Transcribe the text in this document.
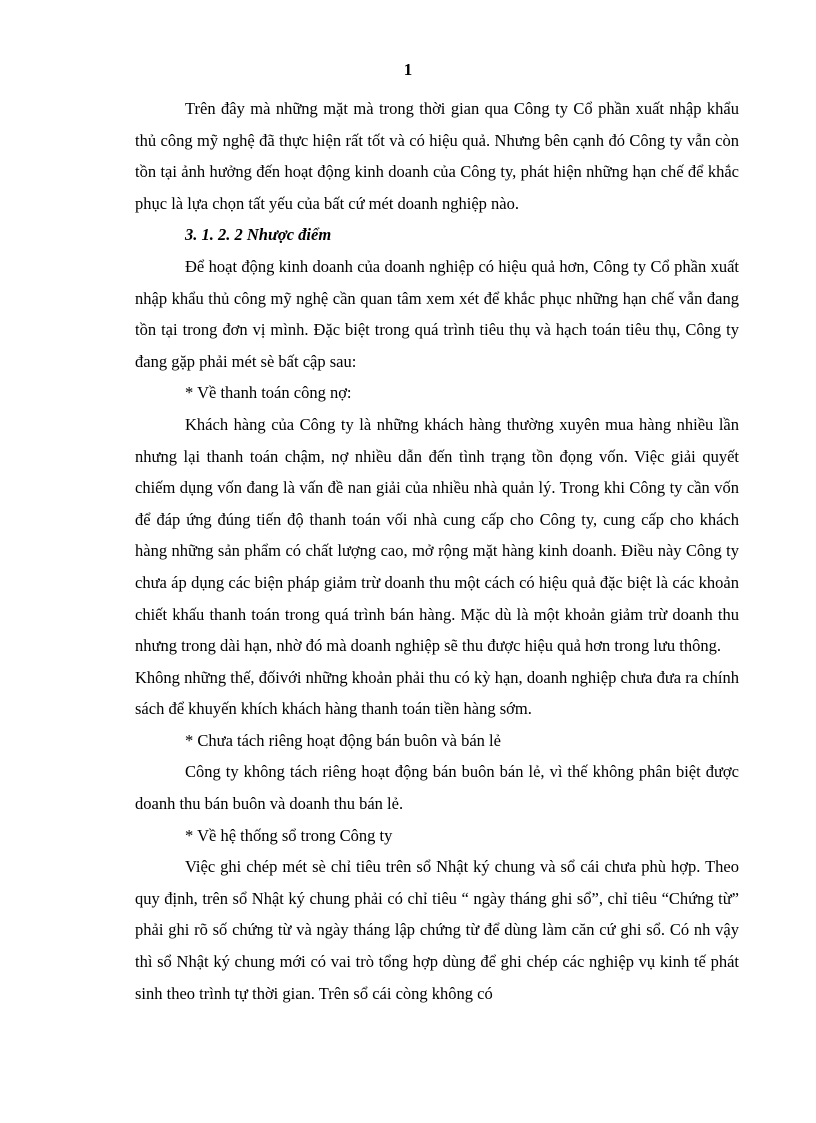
1

Trên đây mà những mặt mà trong thời gian qua Công ty Cổ phần xuất nhập khẩu thủ công mỹ nghệ đã thực hiện rất tốt và có hiệu quả. Nhưng bên cạnh đó Công ty vẫn còn tồn tại ảnh hưởng đến hoạt động kinh doanh của Công ty, phát hiện những hạn chế để khắc phục là lựa chọn tất yếu của bất cứ mét doanh nghiệp nào.

3. 1. 2. 2 Nhược điểm

Để hoạt động kinh doanh của doanh nghiệp có hiệu quả hơn, Công ty Cổ phần xuất nhập khẩu thủ công mỹ nghệ cần quan tâm xem xét để khắc phục những hạn chế vẫn đang tồn tại trong đơn vị mình. Đặc biệt trong quá trình tiêu thụ và hạch toán tiêu thụ, Công ty đang gặp phải mét sè bất cập sau:

* Về thanh toán công nợ:

Khách hàng của Công ty là những khách hàng thường xuyên mua hàng nhiều lần nhưng lại thanh toán chậm, nợ nhiều dẫn đến tình trạng tồn đọng vốn. Việc giải quyết chiếm dụng vốn đang là vấn đề nan giải của nhiều nhà quản lý. Trong khi Công ty cần vốn để đáp ứng đúng tiến độ thanh toán vối nhà cung cấp cho Công ty, cung cấp cho khách hàng những sản phẩm có chất lượng cao, mở rộng mặt hàng kinh doanh. Điều này Công ty chưa áp dụng các biện pháp giảm trừ doanh thu một cách có hiệu quả đặc biệt là các khoản chiết khấu thanh toán trong quá trình bán hàng. Mặc dù là một khoản giảm trừ doanh thu nhưng trong dài hạn, nhờ đó mà doanh nghiệp sẽ thu được hiệu quả hơn trong lưu thông.

Không những thế, đốivới những khoản phải thu có kỳ hạn, doanh nghiệp chưa đưa ra chính sách để khuyến khích khách hàng thanh toán tiền hàng sớm.

* Chưa tách riêng hoạt động bán buôn và bán lẻ

Công ty không tách riêng hoạt động bán buôn bán lẻ, vì thế không phân biệt được doanh thu bán buôn và doanh thu bán lẻ.

* Về hệ thống sổ trong Công ty

Việc ghi chép mét sè chỉ tiêu trên sổ Nhật ký chung và sổ cái chưa phù hợp. Theo quy định, trên sổ Nhật ký chung phải có chỉ tiêu “ ngày tháng ghi sổ”, chỉ tiêu “Chứng từ” phải ghi rõ số chứng từ và ngày tháng lập chứng từ để dùng làm căn cứ ghi sổ. Có nh vậy thì sổ Nhật ký chung mới có vai trò tổng hợp dùng để ghi chép các nghiệp vụ kinh tế phát sinh theo trình tự thời gian. Trên sổ cái còng không có
